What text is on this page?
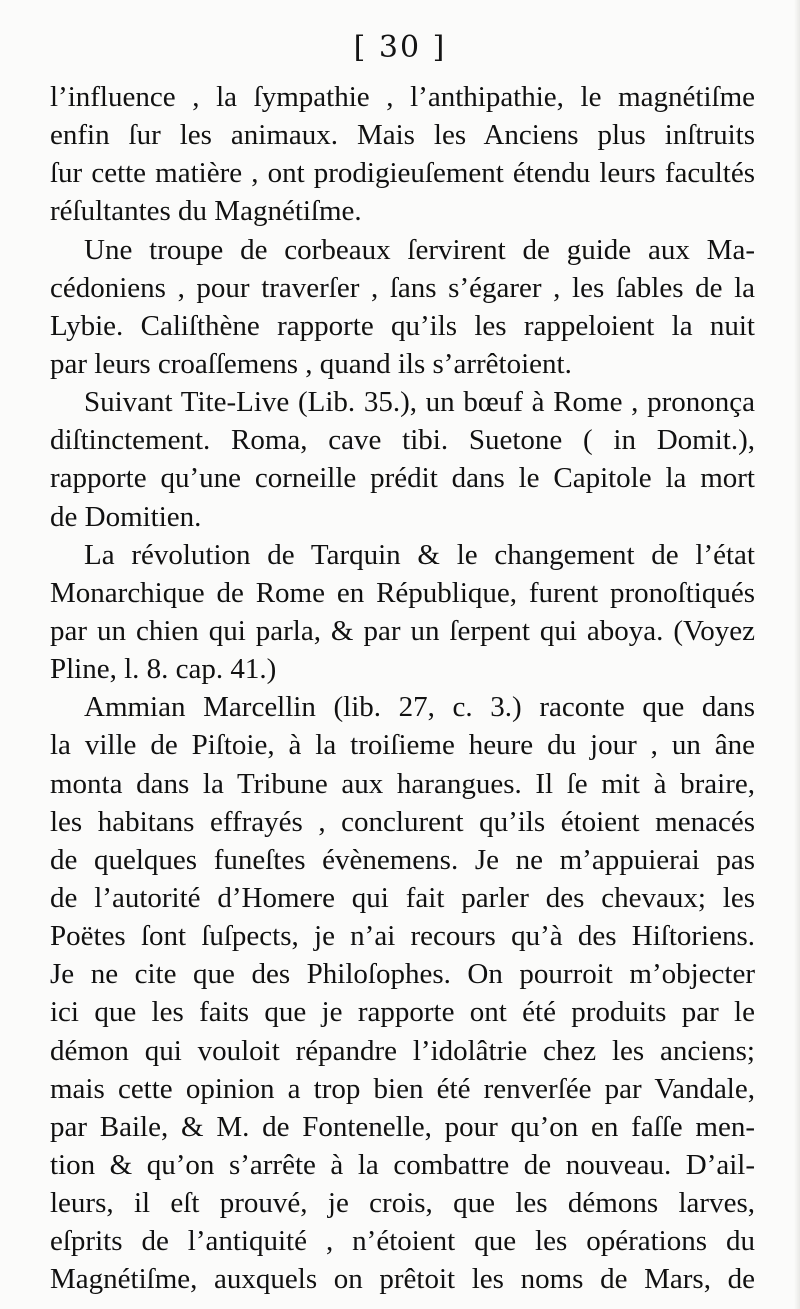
[ 30 ]
l’influence , la ſympathie , l’anthipathie, le magnétiſme
enfin ſur les animaux. Mais les Anciens plus inſtruits
ſur cette matière , ont prodigieuſement étendu leurs facultés
réſultantes du Magnétiſme.
Une troupe de corbeaux ſervirent de guide aux Ma-
cédoniens , pour traverſer , ſans s’égarer , les ſables de la
Lybie. Caliſthène rapporte qu’ils les rappeloient la nuit
par leurs croaſſemens , quand ils s’arrêtoient.
Suivant Tite-Live (Lib. 35.), un bœuf à Rome , prononça
diſtinctement. Roma, cave tibi. Suetone ( in Domit.),
rapporte qu’une corneille prédit dans le Capitole la mort
de Domitien.
La révolution de Tarquin & le changement de l’état
Monarchique de Rome en République, furent pronoſtiqués
par un chien qui parla, & par un ſerpent qui aboya. (Voyez
Pline, l. 8. cap. 41.)
Ammian Marcellin (lib. 27, c. 3.) raconte que dans
la ville de Piſtoie, à la troiſieme heure du jour , un âne
monta dans la Tribune aux harangues. Il ſe mit à braire,
les habitans effrayés , conclurent qu’ils étoient menacés
de quelques funeſtes évènemens. Je ne m’appuierai pas
de l’autorité d’Homere qui fait parler des chevaux; les
Poëtes ſont ſuſpects, je n’ai recours qu’à des Hiſtoriens.
Je ne cite que des Philoſophes. On pourroit m’objecter
ici que les faits que je rapporte ont été produits par le
démon qui vouloit répandre l’idolâtrie chez les anciens;
mais cette opinion a trop bien été renverſée par Vandale,
par Baile, & M. de Fontenelle, pour qu’on en faſſe men-
tion & qu’on s’arrête à la combattre de nouveau. D’ail-
leurs, il eſt prouvé, je crois, que les démons larves,
eſprits de l’antiquité , n’étoient que les opérations du
Magnétiſme, auxquels on prêtoit les noms de Mars, de
